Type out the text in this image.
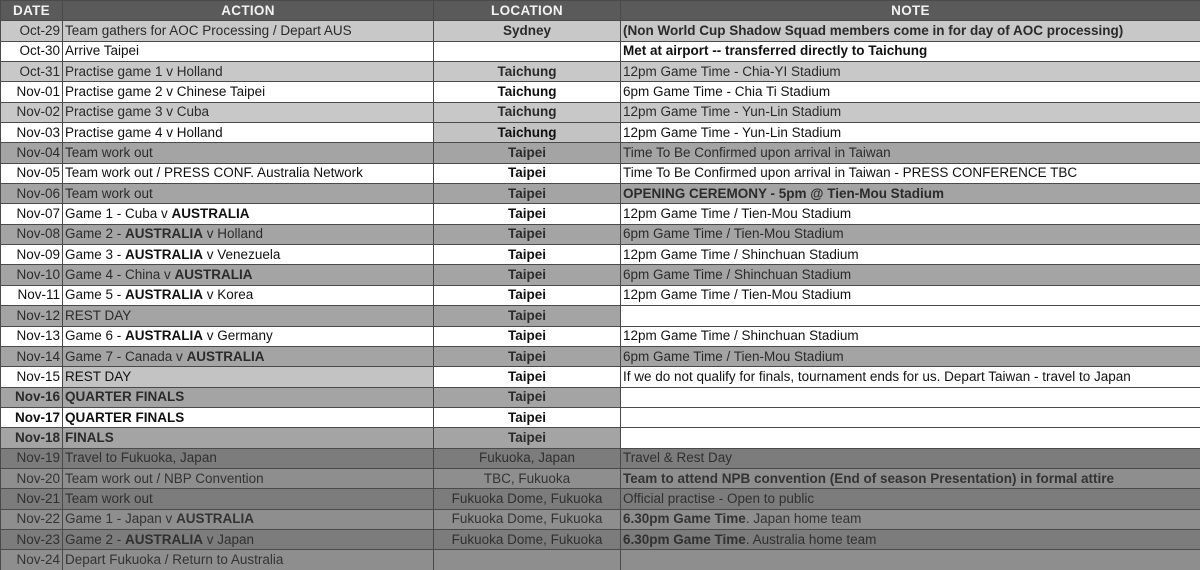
DATE	ACTION	LOCATION	NOTE
Oct-29	Team gathers for AOC Processing / Depart AUS	Sydney	(Non World Cup Shadow Squad members come in for day of AOC processing)
Oct-30	Arrive Taipei		Met at airport -- transferred directly to Taichung
Oct-31	Practise game 1 v Holland	Taichung	12pm Game Time - Chia-YI Stadium
Nov-01	Practise game 2 v Chinese Taipei	Taichung	6pm Game Time - Chia Ti Stadium
Nov-02	Practise game 3 v Cuba	Taichung	12pm Game Time - Yun-Lin Stadium
Nov-03	Practise game 4 v Holland	Taichung	12pm Game Time - Yun-Lin Stadium
Nov-04	Team work out	Taipei	Time To Be Confirmed upon arrival in Taiwan
Nov-05	Team work out / PRESS CONF. Australia Network	Taipei	Time To Be Confirmed upon arrival in Taiwan - PRESS CONFERENCE TBC
Nov-06	Team work out	Taipei	OPENING CEREMONY - 5pm @ Tien-Mou Stadium
Nov-07	Game 1 - Cuba v AUSTRALIA	Taipei	12pm Game Time / Tien-Mou Stadium
Nov-08	Game 2 - AUSTRALIA v Holland	Taipei	6pm Game Time / Tien-Mou Stadium
Nov-09	Game 3 - AUSTRALIA v Venezuela	Taipei	12pm Game Time / Shinchuan Stadium
Nov-10	Game 4 - China v AUSTRALIA	Taipei	6pm Game Time / Shinchuan Stadium
Nov-11	Game 5 - AUSTRALIA v Korea	Taipei	12pm Game Time / Tien-Mou Stadium
Nov-12	REST DAY	Taipei	
Nov-13	Game 6 - AUSTRALIA v Germany	Taipei	12pm Game Time / Shinchuan Stadium
Nov-14	Game 7 - Canada v AUSTRALIA	Taipei	6pm Game Time / Tien-Mou Stadium
Nov-15	REST DAY	Taipei	If we do not qualify for finals, tournament ends for us. Depart Taiwan - travel to Japan
Nov-16	QUARTER FINALS	Taipei	
Nov-17	QUARTER FINALS	Taipei	
Nov-18	FINALS	Taipei	
Nov-19	Travel to Fukuoka, Japan	Fukuoka, Japan	Travel & Rest Day
Nov-20	Team work out / NBP Convention	TBC, Fukuoka	Team to attend NPB convention (End of season Presentation) in formal attire
Nov-21	Team work out	Fukuoka Dome, Fukuoka	Official practise - Open to public
Nov-22	Game 1 - Japan v AUSTRALIA	Fukuoka Dome, Fukuoka	6.30pm Game Time. Japan home team
Nov-23	Game 2 - AUSTRALIA v Japan	Fukuoka Dome, Fukuoka	6.30pm Game Time. Australia home team
Nov-24	Depart Fukuoka / Return to Australia		
